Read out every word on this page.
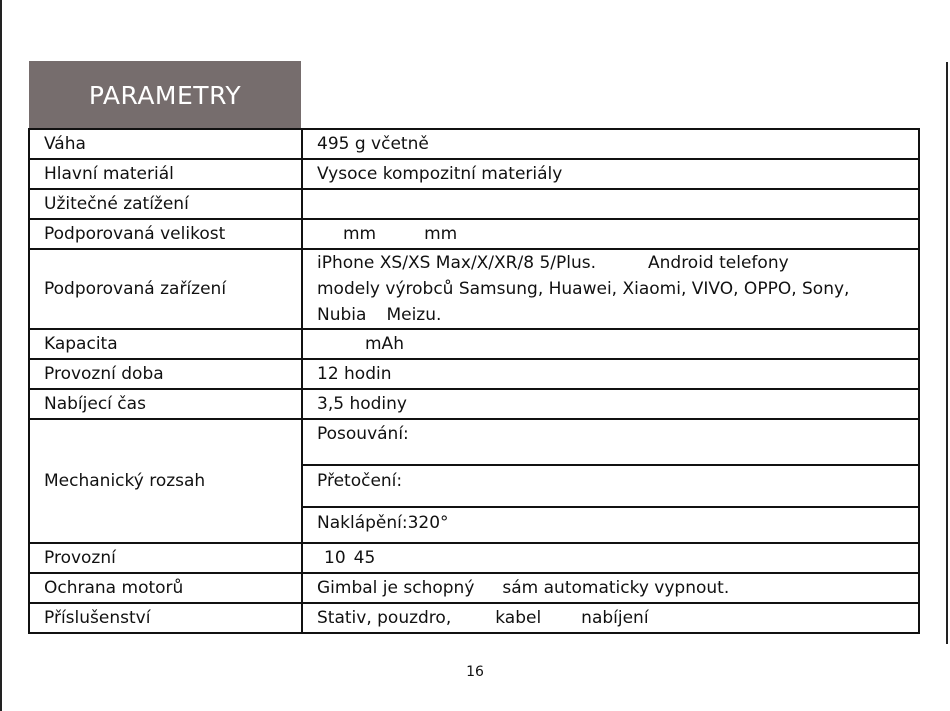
PARAMETRY
Váha	495 g včetně
Hlavní materiál	Vysoce kompozitní materiály
Užitečné zatížení	
Podporovaná velikost	mm mm
Podporovaná zařízení	iPhone XS/XS Max/X/XR/8 5/Plus. Android telefony
modely výrobců Samsung, Huawei, Xiaomi, VIVO, OPPO, Sony,
Nubia Meizu.

Kapacita	mAh
Provozní doba	12 hodin
Nabíjecí čas	3,5 hodiny
Mechanický rozsah	Posouvání:
Přetočení:
Naklápění:320°

Provozní	10 45
Ochrana motorů	Gimbal je schopný sám automaticky vypnout.
Příslušenství	Stativ, pouzdro, kabel nabíjení
16
